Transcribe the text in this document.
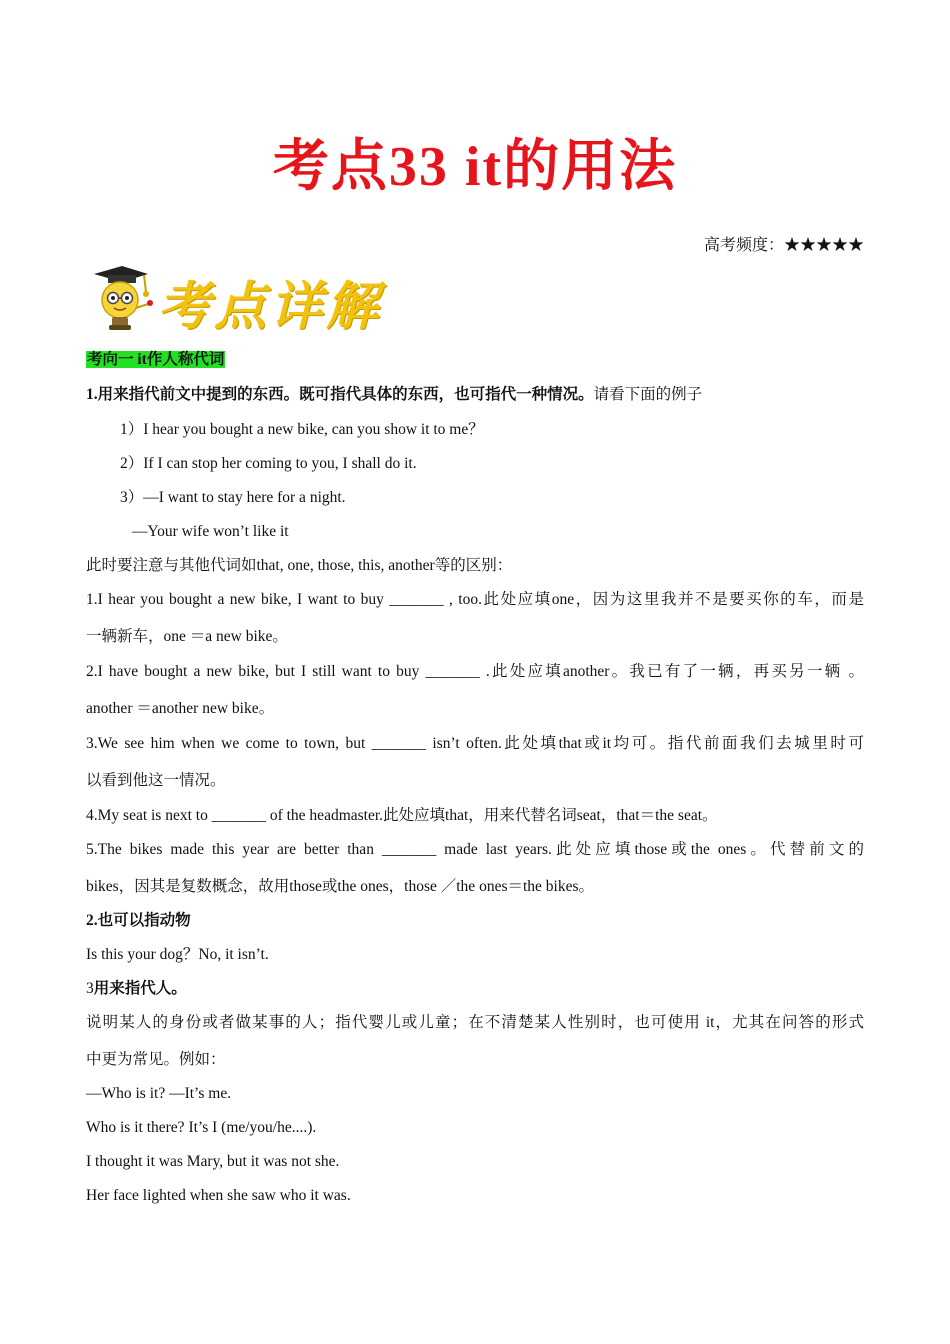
考点33 it的用法
高考频度：★★★★★
考点详解
考向一 it作人称代词
1.用来指代前文中提到的东西。既可指代具体的东西，也可指代一种情况。请看下面的例子
1）I hear you bought a new bike, can you show it to me？
2）If I can stop her coming to you, I shall do it.
3）—I want to stay here for a night.
—Your wife won’t like it
此时要注意与其他代词如that, one, those, this, another等的区别：
1.I hear you bought a new bike, I want to buy _______ , too.此处应填one，因为这里我并不是要买你的车，而是
一辆新车，one ＝a new bike。
2.I have bought a new bike, but I still want to buy _______ .此处应填another。我已有了一辆，再买另一辆 。
another ＝another new bike。
3.We see him when we come to town, but _______ isn’t often.此处填that或it均可。指代前面我们去城里时可
以看到他这一情况。
4.My seat is next to _______ of the headmaster.此处应填that，用来代替名词seat，that＝the seat。
5.The bikes made this year are better than _______ made last years.此处应填those或the ones。代替前文的
bikes，因其是复数概念，故用those或the ones，those ／the ones＝the bikes。
2.也可以指动物
Is this your dog？No, it isn’t.
3用来指代人。
说明某人的身份或者做某事的人；指代婴儿或儿童；在不清楚某人性别时，也可使用 it，尤其在问答的形式
中更为常见。例如：
—Who is it? —It’s me.
Who is it there? It’s I (me/you/he....).
I thought it was Mary, but it was not she.
Her face lighted when she saw who it was.
